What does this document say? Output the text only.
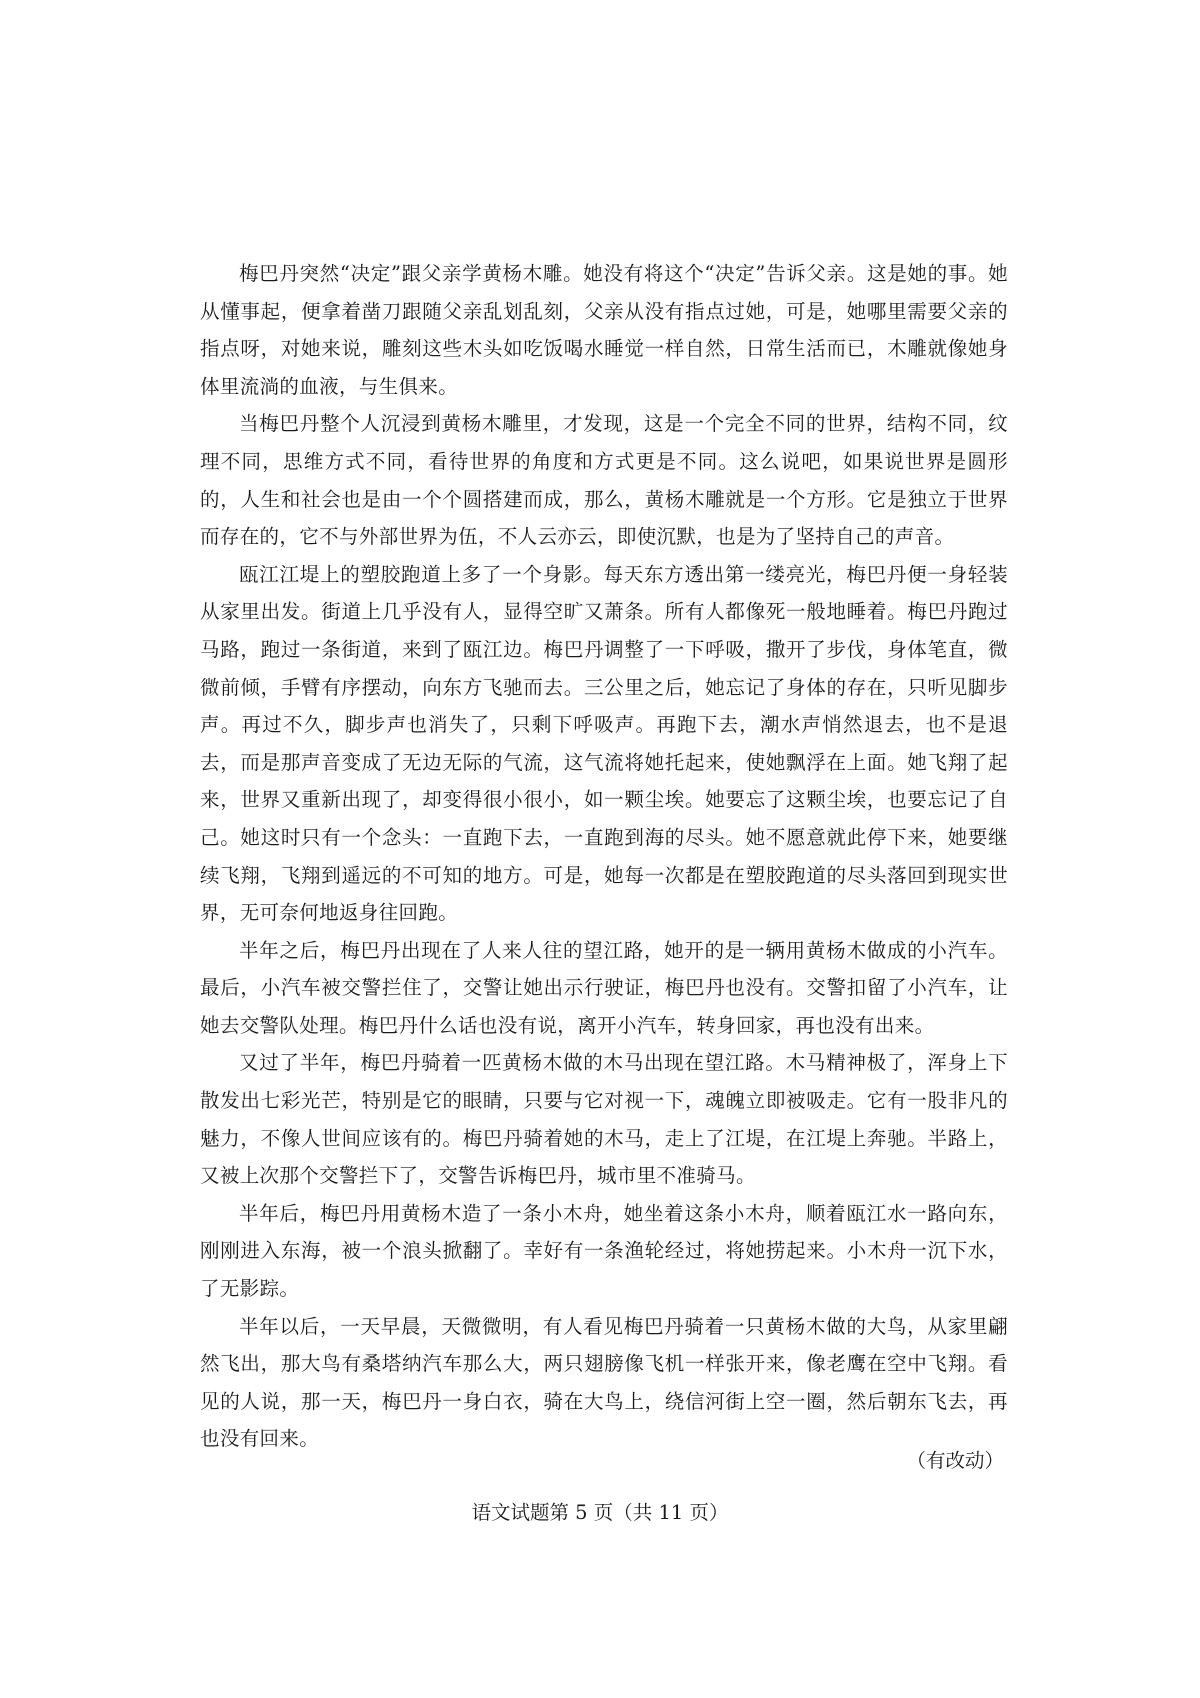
梅巴丹突然“决定”跟父亲学黄杨木雕。她没有将这个“决定”告诉父亲。这是她的事。她从懂事起，便拿着凿刀跟随父亲乱划乱刻，父亲从没有指点过她，可是，她哪里需要父亲的指点呀，对她来说，雕刻这些木头如吃饭喝水睡觉一样自然，日常生活而已，木雕就像她身体里流淌的血液，与生俱来。

当梅巴丹整个人沉浸到黄杨木雕里，才发现，这是一个完全不同的世界，结构不同，纹理不同，思维方式不同，看待世界的角度和方式更是不同。这么说吧，如果说世界是圆形的，人生和社会也是由一个个圆搭建而成，那么，黄杨木雕就是一个方形。它是独立于世界而存在的，它不与外部世界为伍，不人云亦云，即使沉默，也是为了坚持自己的声音。

瓯江江堤上的塑胶跑道上多了一个身影。每天东方透出第一缕亮光，梅巴丹便一身轻装从家里出发。街道上几乎没有人，显得空旷又萧条。所有人都像死一般地睡着。梅巴丹跑过马路，跑过一条街道，来到了瓯江边。梅巴丹调整了一下呼吸，撒开了步伐，身体笔直，微微前倾，手臂有序摆动，向东方飞驰而去。三公里之后，她忘记了身体的存在，只听见脚步声。再过不久，脚步声也消失了，只剩下呼吸声。再跑下去，潮水声悄然退去，也不是退去，而是那声音变成了无边无际的气流，这气流将她托起来，使她飘浮在上面。她飞翔了起来，世界又重新出现了，却变得很小很小，如一颗尘埃。她要忘了这颗尘埃，也要忘记了自己。她这时只有一个念头：一直跑下去，一直跑到海的尽头。她不愿意就此停下来，她要继续飞翔，飞翔到遥远的不可知的地方。可是，她每一次都是在塑胶跑道的尽头落回到现实世界，无可奈何地返身往回跑。

半年之后，梅巴丹出现在了人来人往的望江路，她开的是一辆用黄杨木做成的小汽车。最后，小汽车被交警拦住了，交警让她出示行驶证，梅巴丹也没有。交警扣留了小汽车，让她去交警队处理。梅巴丹什么话也没有说，离开小汽车，转身回家，再也没有出来。

又过了半年，梅巴丹骑着一匹黄杨木做的木马出现在望江路。木马精神极了，浑身上下散发出七彩光芒，特别是它的眼睛，只要与它对视一下，魂魄立即被吸走。它有一股非凡的魅力，不像人世间应该有的。梅巴丹骑着她的木马，走上了江堤，在江堤上奔驰。半路上，又被上次那个交警拦下了，交警告诉梅巴丹，城市里不准骑马。

半年后，梅巴丹用黄杨木造了一条小木舟，她坐着这条小木舟，顺着瓯江水一路向东，刚刚进入东海，被一个浪头掀翻了。幸好有一条渔轮经过，将她捞起来。小木舟一沉下水，了无影踪。

半年以后，一天早晨，天微微明，有人看见梅巴丹骑着一只黄杨木做的大鸟，从家里翩然飞出，那大鸟有桑塔纳汽车那么大，两只翅膀像飞机一样张开来，像老鹰在空中飞翔。看见的人说，那一天，梅巴丹一身白衣，骑在大鸟上，绕信河街上空一圈，然后朝东飞去，再也没有回来。

（有改动）
语文试题第 5 页（共 11 页）
